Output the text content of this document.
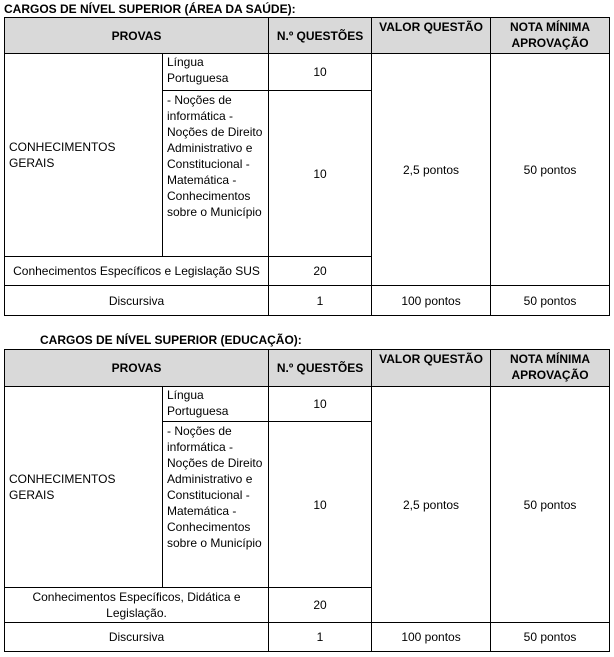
CARGOS DE NÍVEL SUPERIOR (ÁREA DA SAÚDE):
PROVAS		N.º QUESTÕES	VALOR QUESTÃO	NOTA MÍNIMA APROVAÇÃO
CONHECIMENTOS GERAIS	Língua Portuguesa	10	2,5 pontos	50 pontos
	- Noções de informática - Noções de Direito Administrativo e Constitucional - Matemática - Conhecimentos sobre o Município	10		
Conhecimentos Específicos e Legislação SUS		20		
Discursiva		1	100 pontos	50 pontos
CARGOS DE NÍVEL SUPERIOR (EDUCAÇÃO):
PROVAS		N.º QUESTÕES	VALOR QUESTÃO	NOTA MÍNIMA APROVAÇÃO
CONHECIMENTOS GERAIS	Língua Portuguesa	10	2,5 pontos	50 pontos
	- Noções de informática - Noções de Direito Administrativo e Constitucional - Matemática - Conhecimentos sobre o Município	10		
Conhecimentos Específicos, Didática e Legislação.		20		
Discursiva		1	100 pontos	50 pontos
